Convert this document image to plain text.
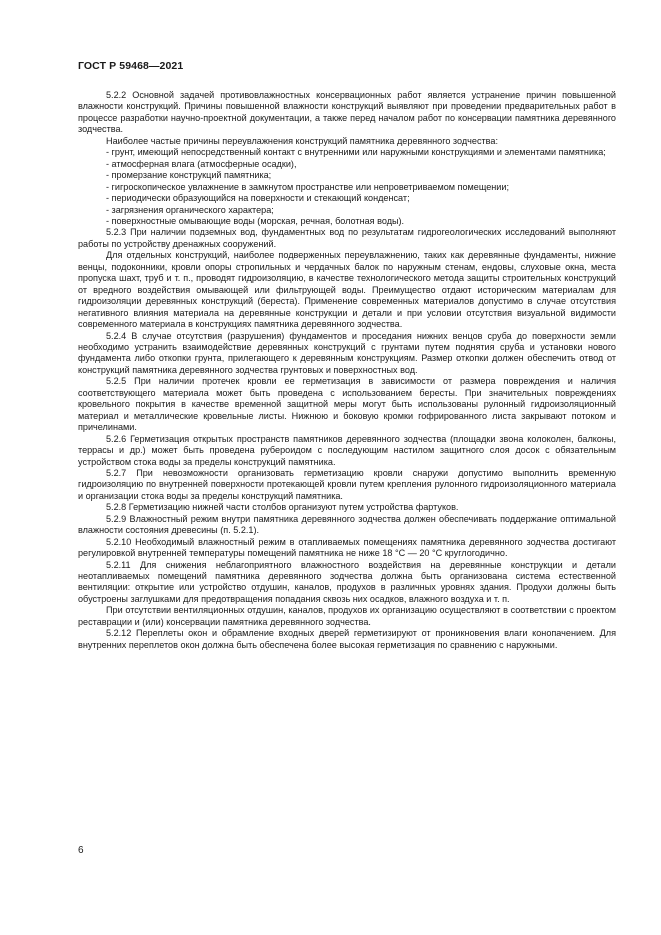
ГОСТ Р 59468—2021

5.2.2 Основной задачей противовлажностных консервационных работ является устранение причин повышенной влажности конструкций. Причины повышенной влажности конструкций выявляют при проведении предварительных работ в процессе разработки научно-проектной документации, а также перед началом работ по консервации памятника деревянного зодчества.

Наиболее частые причины переувлажнения конструкций памятника деревянного зодчества:

- грунт, имеющий непосредственный контакт с внутренними или наружными конструкциями и элементами памятника;

- атмосферная влага (атмосферные осадки),

- промерзание конструкций памятника;

- гигроскопическое увлажнение в замкнутом пространстве или непроветриваемом помещении;

- периодически образующийся на поверхности и стекающий конденсат;

- загрязнения органического характера;

- поверхностные омывающие воды (морская, речная, болотная воды).

5.2.3 При наличии подземных вод, фундаментных вод по результатам гидрогеологических исследований выполняют работы по устройству дренажных сооружений.

Для отдельных конструкций, наиболее подверженных переувлажнению, таких как деревянные фундаменты, нижние венцы, подоконники, кровли опоры стропильных и чердачных балок по наружным стенам, ендовы, слуховые окна, места пропуска шахт, труб и т. п., проводят гидроизоляцию, в качестве технологического метода защиты строительных конструкций от вредного воздействия омывающей или фильтрующей воды. Преимущество отдают историческим материалам для гидроизоляции деревянных конструкций (береста). Применение современных материалов допустимо в случае отсутствия негативного влияния материала на деревянные конструкции и детали и при условии отсутствия визуальной видимости современного материала в конструкциях памятника деревянного зодчества.

5.2.4 В случае отсутствия (разрушения) фундаментов и проседания нижних венцов сруба до поверхности земли необходимо устранить взаимодействие деревянных конструкций с грунтами путем поднятия сруба и установки нового фундамента либо откопки грунта, прилегающего к деревянным конструкциям. Размер откопки должен обеспечить отвод от конструкций памятника деревянного зодчества грунтовых и поверхностных вод.

5.2.5 При наличии протечек кровли ее герметизация в зависимости от размера повреждения и наличия соответствующего материала может быть проведена с использованием бересты. При значительных повреждениях кровельного покрытия в качестве временной защитной меры могут быть использованы рулонный гидроизоляционный материал и металлические кровельные листы. Нижнюю и боковую кромки гофрированного листа закрывают потоком и причелинами.

5.2.6 Герметизация открытых пространств памятников деревянного зодчества (площадки звона колоколен, балконы, террасы и др.) может быть проведена рубероидом с последующим настилом защитного слоя досок с обязательным устройством стока воды за пределы конструкций памятника.

5.2.7 При невозможности организовать герметизацию кровли снаружи допустимо выполнить временную гидроизоляцию по внутренней поверхности протекающей кровли путем крепления рулонного гидроизоляционного материала и организации стока воды за пределы конструкций памятника.

5.2.8 Герметизацию нижней части столбов организуют путем устройства фартуков.

5.2.9 Влажностный режим внутри памятника деревянного зодчества должен обеспечивать поддержание оптимальной влажности состояния древесины (п. 5.2.1).

5.2.10 Необходимый влажностный режим в отапливаемых помещениях памятника деревянного зодчества достигают регулировкой внутренней температуры помещений памятника не ниже 18 °С — 20 °С круглогодично.

5.2.11 Для снижения неблагоприятного влажностного воздействия на деревянные конструкции и детали неотапливаемых помещений памятника деревянного зодчества должна быть организована система естественной вентиляции: открытие или устройство отдушин, каналов, продухов в различных уровнях здания. Продухи должны быть обустроены заглушками для предотвращения попадания сквозь них осадков, влажного воздуха и т. п.

При отсутствии вентиляционных отдушин, каналов, продухов их организацию осуществляют в соответствии с проектом реставрации и (или) консервации памятника деревянного зодчества.

5.2.12 Переплеты окон и обрамление входных дверей герметизируют от проникновения влаги конопачением. Для внутренних переплетов окон должна быть обеспечена более высокая герметизация по сравнению с наружными.

6
